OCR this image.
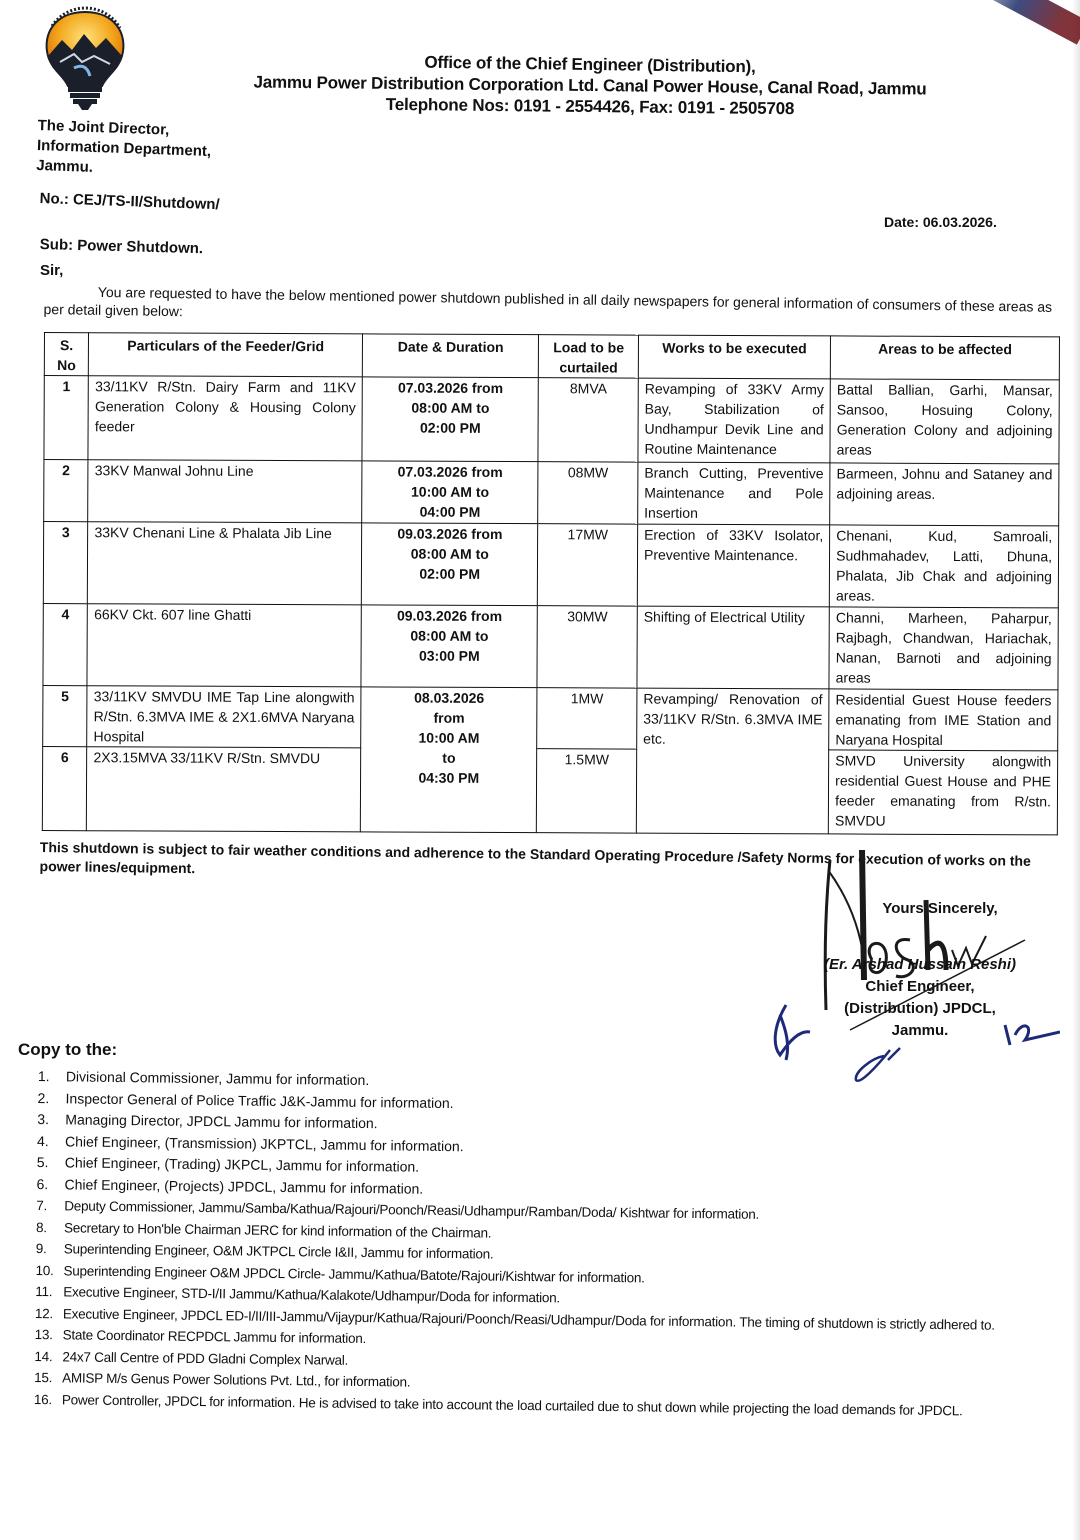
Office of the Chief Engineer (Distribution),
Jammu Power Distribution Corporation Ltd. Canal Power House, Canal Road, Jammu
Telephone Nos: 0191 - 2554426, Fax: 0191 - 2505708
The Joint Director,
Information Department,
Jammu.
No.: CEJ/TS-II/Shutdown/
Date: 06.03.2026.
Sub: Power Shutdown.
Sir,
You are requested to have the below mentioned power shutdown published in all daily newspapers for general information of consumers of these areas as per detail given below:
S. No	Particulars of the Feeder/Grid	Date & Duration	Load to be curtailed	Works to be executed	Areas to be affected
1	33/11KV R/Stn. Dairy Farm and 11KV Generation Colony & Housing Colony feeder	07.03.2026 from
08:00 AM to
02:00 PM	8MVA	Revamping of 33KV Army Bay, Stabilization of Undhampur Devik Line and Routine Maintenance	Battal Ballian, Garhi, Mansar, Sansoo, Hosuing Colony, Generation Colony and adjoining areas
2	33KV Manwal Johnu Line	07.03.2026 from
10:00 AM to
04:00 PM	08MW	Branch Cutting, Preventive Maintenance and Pole Insertion	Barmeen, Johnu and Sataney and adjoining areas.
3	33KV Chenani Line & Phalata Jib Line	09.03.2026 from
08:00 AM to
02:00 PM	17MW	Erection of 33KV Isolator, Preventive Maintenance.	Chenani, Kud, Samroali, Sudhmahadev, Latti, Dhuna, Phalata, Jib Chak and adjoining areas.
4	66KV Ckt. 607 line Ghatti	09.03.2026 from
08:00 AM to
03:00 PM	30MW	Shifting of Electrical Utility	Channi, Marheen, Paharpur, Rajbagh, Chandwan, Hariachak, Nanan, Barnoti and adjoining areas
5	33/11KV SMVDU IME Tap Line alongwith R/Stn. 6.3MVA IME & 2X1.6MVA Naryana Hospital	08.03.2026
from
10:00 AM
to
04:30 PM	1MW	Revamping/ Renovation of 33/11KV R/Stn. 6.3MVA IME etc.	Residential Guest House feeders emanating from IME Station and Naryana Hospital
6	2X3.15MVA 33/11KV R/Stn. SMVDU		1.5MW		SMVD University alongwith residential Guest House and PHE feeder emanating from R/stn. SMVDU
This shutdown is subject to fair weather conditions and adherence to the Standard Operating Procedure /Safety Norms for execution of works on the power lines/equipment.
Yours Sincerely,
(Er. Arshad Hussain Reshi)
Chief Engineer,
(Distribution) JPDCL,
Jammu.
Copy to the:
1.	Divisional Commissioner, Jammu for information.
2.	Inspector General of Police Traffic J&K-Jammu for information.
3.	Managing Director, JPDCL Jammu for information.
4.	Chief Engineer, (Transmission) JKPTCL, Jammu for information.
5.	Chief Engineer, (Trading) JKPCL, Jammu for information.
6.	Chief Engineer, (Projects) JPDCL, Jammu for information.
7.	Deputy Commissioner, Jammu/Samba/Kathua/Rajouri/Poonch/Reasi/Udhampur/Ramban/Doda/ Kishtwar for information.
8.	Secretary to Hon'ble Chairman JERC for kind information of the Chairman.
9.	Superintending Engineer, O&M JKTPCL Circle I&II, Jammu for information.
10. Superintending Engineer O&M JPDCL Circle- Jammu/Kathua/Batote/Rajouri/Kishtwar for information.
11. Executive Engineer, STD-I/II Jammu/Kathua/Kalakote/Udhampur/Doda for information.
12. Executive Engineer, JPDCL ED-I/II/III-Jammu/Vijaypur/Kathua/Rajouri/Poonch/Reasi/Udhampur/Doda for information. The timing of shutdown is strictly adhered to.
13. State Coordinator RECPDCL Jammu for information.
14. 24x7 Call Centre of PDD Gladni Complex Narwal.
15. AMISP M/s Genus Power Solutions Pvt. Ltd., for information.
16. Power Controller, JPDCL for information. He is advised to take into account the load curtailed due to shut down while projecting the load demands for JPDCL.
